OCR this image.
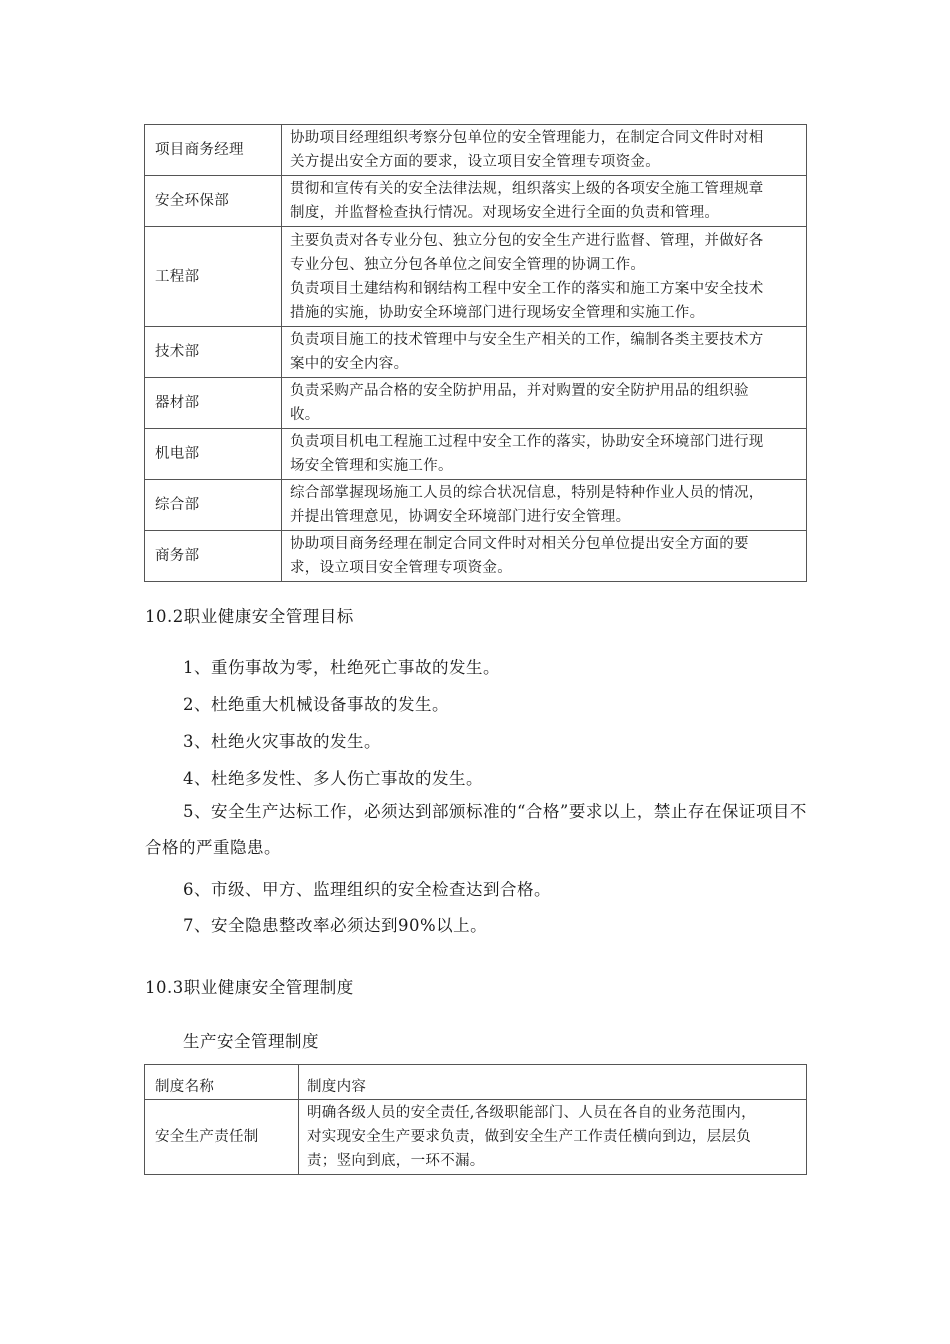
项目商务经理	协助项目经理组织考察分包单位的安全管理能力，在制定合同文件时对相
关方提出安全方面的要求，设立项目安全管理专项资金。

安全环保部	贯彻和宣传有关的安全法律法规，组织落实上级的各项安全施工管理规章
制度，并监督检查执行情况。对现场安全进行全面的负责和管理。

工程部	主要负责对各专业分包、独立分包的安全生产进行监督、管理，并做好各
专业分包、独立分包各单位之间安全管理的协调工作。
负责项目土建结构和钢结构工程中安全工作的落实和施工方案中安全技术
措施的实施，协助安全环境部门进行现场安全管理和实施工作。

技术部	负责项目施工的技术管理中与安全生产相关的工作，编制各类主要技术方
案中的安全内容。

器材部	负责采购产品合格的安全防护用品，并对购置的安全防护用品的组织验
收。

机电部	负责项目机电工程施工过程中安全工作的落实，协助安全环境部门进行现
场安全管理和实施工作。

综合部	综合部掌握现场施工人员的综合状况信息，特别是特种作业人员的情况，
并提出管理意见，协调安全环境部门进行安全管理。

商务部	协助项目商务经理在制定合同文件时对相关分包单位提出安全方面的要
求，设立项目安全管理专项资金。
10.2职业健康安全管理目标
1、重伤事故为零，杜绝死亡事故的发生。
2、杜绝重大机械设备事故的发生。
3、杜绝火灾事故的发生。
4、杜绝多发性、多人伤亡事故的发生。
5、安全生产达标工作，必须达到部颁标准的“合格”要求以上，禁止存在保证项目不合格的严重隐患。
6、市级、甲方、监理组织的安全检查达到合格。
7、安全隐患整改率必须达到90%以上。
10.3职业健康安全管理制度
生产安全管理制度
制度名称	制度内容
安全生产责任制	明确各级人员的安全责任,各级职能部门、人员在各自的业务范围内，
对实现安全生产要求负责，做到安全生产工作责任横向到边，层层负
责；竖向到底，一环不漏。
